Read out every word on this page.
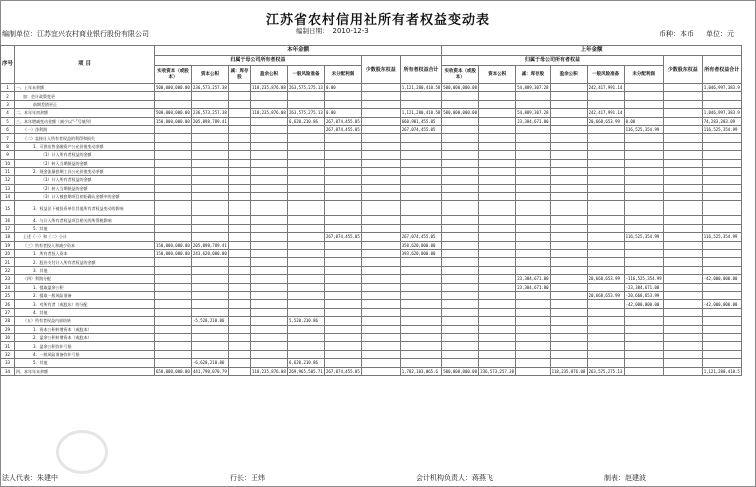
江苏省农村信用社所有者权益变动表
编制单位：江苏宜兴农村商业银行股份有限公司	编制日期： 2010-12-3	币种：本币 单位：元
序号	项 目	本年金额								上年金额							
		归属于母公司所有者权益						少数股东权益	所有者权益合计	归属于母公司所有者权益						少数股东权益	所有者权益合计
		实收资本（或股本）	资本公积	减：库存股	盈余公积	一般风险准备	未分配利润			实收资本（或股本）	资本公积	减：库存股	盈余公积	一般风险准备	未分配利润		
1	一、上年末余额	500,000,000.00	236,573,257.38		118,235,876.08	263,575,275.13	0.00		1,121,280,410.58	500,000,000.00		54,889,307.28		242,417,991.14			1,046,997,383.9
2	加：会计政策变更																
3	前期差错更正																
4	二、本年年初余额	500,000,000.00	236,573,257.38		118,235,876.08	263,575,275.13	0.00		1,121,280,410.58	500,000,000.00		54,889,307.28		242,417,991.14			1,046,997,383.9
5	三、本年增减变动金额（减少以“-”号填列）	150,000,000.00	205,098,789.41			6,620,210.86	267,074,455.05		660,901,455.05			23,384,671.00		20,668,653.99	0.00		74,283,283.09
6	（一）净利润						267,074,455.05		267,074,455.05						116,525,354.99		116,525,354.99
7	（二）直接计入所有者权益的利得和损失																
8	1．可供出售金融资产公允价值变动净额																
9	（1）计入所有者权益的金额																
10	（2）转入当期损益的金额																
11	2．现金流量套期工具公允价值变动净额																
12	（1）计入所有者权益的金额																
13	（2）转入当期损益的金额																
14	（3）计入被套期项目初始确认金额中的金额																
15	3．权益法下被投资单位其他所有者权益变动的影响																
16	4．与计入所有者权益项目相关的所得税影响																
17	5．其他																
18	上述（一）和（二）小计						267,074,455.05		267,074,455.05						116,525,354.99		116,525,354.99
19	（三）所有者投入和减少资本	150,000,000.00	205,098,789.41						358,620,000.00								
20	1．所有者投入资本	150,000,000.00	243,620,000.00						393,620,000.00								
21	2．股份支付计入所有者权益的金额																
22	3．其他																
23	（四）利润分配											23,384,671.00		20,668,653.99	-116,525,354.99		-42,000,000.00
24	1．提取盈余公积											23,384,671.00			-23,384,671.00		
25	2．提取一般风险准备													20,668,653.99	-20,668,653.99		
26	3．对所有者（或股东）的分配														-42,000,000.00		-42,000,000.00
27	4．其他																
28	（五）所有者权益内部结转		-5,520,210.86			5,520,210.86											
29	1．资本公积转增资本（或股本）																
30	2．盈余公积转增资本（或股本）																
31	3．盈余公积弥补亏损																
32	4．一般风险准备弥补亏损																
33	5．其他		-6,620,210.86			6,620,210.86											
34	四、本年年末余额	650,000,000.00	441,790,070.79		118,235,876.08	269,965,505.71	267,074,455.05		1,782,103,065.6	500,000,000.00	236,573,257.38		118,235,876.08	263,575,275.13			1,121,280,410.5
法人代表：朱建中	行长：王炜	会计机构负责人：蒋燕飞	制表：赵建波
